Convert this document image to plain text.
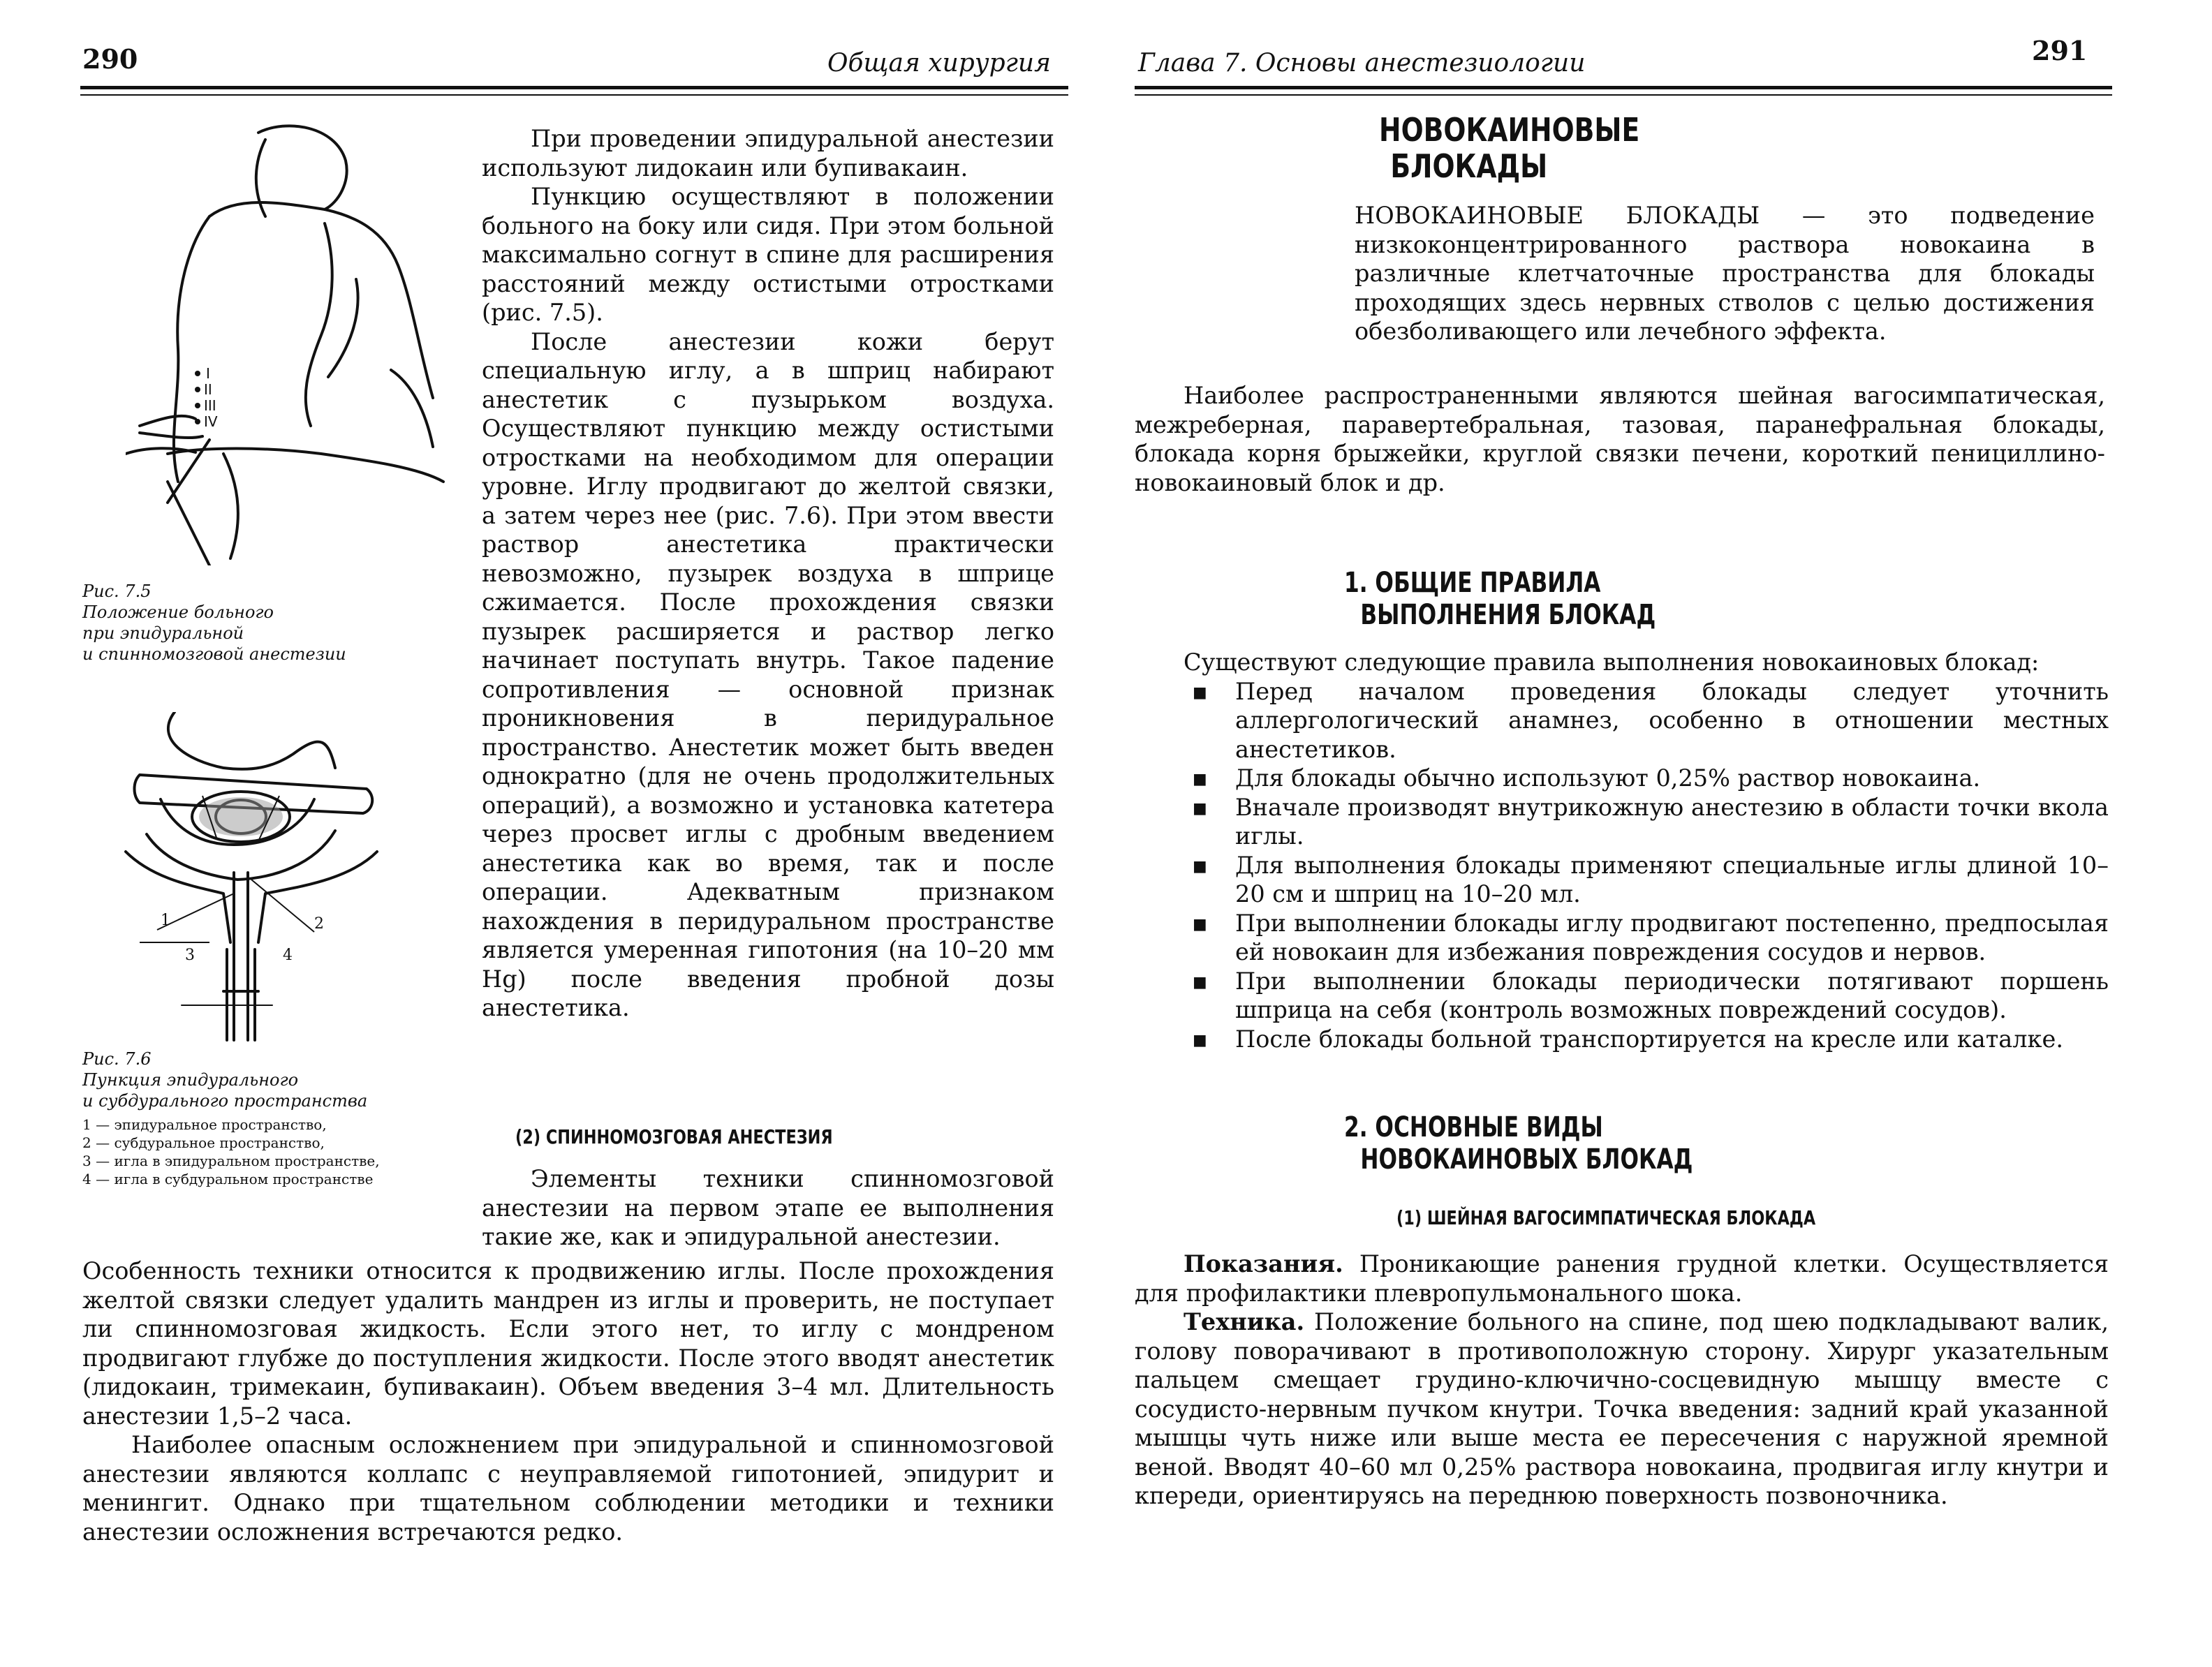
290	Общая хирургия
I
II
III
IV
Рис. 7.5
Положение больного
при эпидуральной
и спинномозговой анестезии
1	2
3	4
Рис. 7.6
Пункция эпидурального
и субдурального пространства
1 — эпидуральное пространство,
2 — субдуральное пространство,
3 — игла в эпидуральном пространстве,
4 — игла в субдуральном пространстве

При проведении эпидуральной анестезии используют лидокаин или бупивакаин.

Пункцию осуществляют в положении больного на боку или сидя. При этом больной максимально согнут в спине для расширения расстояний между остистыми отростками (рис. 7.5).

После анестезии кожи берут специальную иглу, а в шприц набирают анестетик с пузырьком воздуха. Осуществляют пункцию между остистыми отростками на необходимом для операции уровне. Иглу продвигают до желтой связки, а затем через нее (рис. 7.6). При этом ввести раствор анестетика практически невозможно, пузырек воздуха в шприце сжимается. После прохождения связки пузырек расширяется и раствор легко начинает поступать внутрь. Такое падение сопротивления — основной признак проникновения в перидуральное пространство. Анестетик может быть введен однократно (для не очень продолжительных операций), а возможно и установка катетера через просвет иглы с дробным введением анестетика как во время, так и после операции. Адекватным признаком нахождения в перидуральном пространстве является умеренная гипотония (на 10–20 мм Hg) после введения пробной дозы анестетика.

(2) СПИННОМОЗГОВАЯ АНЕСТЕЗИЯ

Элементы техники спинномозговой анестезии на первом этапе ее выполнения такие же, как и эпидуральной анестезии.

Особенность техники относится к продвижению иглы. После прохождения желтой связки следует удалить мандрен из иглы и проверить, не поступает ли спинномозговая жидкость. Если этого нет, то иглу с мондреном продвигают глубже до поступления жидкости. После этого вводят анестетик (лидокаин, тримекаин, бупивакаин). Объем введения 3–4 мл. Длительность анестезии 1,5–2 часа.

Наиболее опасным осложнением при эпидуральной и спинномозговой анестезии являются коллапс с неуправляемой гипотонией, эпидурит и менингит. Однако при тщательном соблюдении методики и техники анестезии осложнения встречаются редко.

Глава 7. Основы анестезиологии	291
НОВОКАИНОВЫЕ
БЛОКАДЫ

НОВОКАИНОВЫЕ БЛОКАДЫ — это подведение низкоконцентрированного раствора новокаина в различные клетчаточные пространства для блокады проходящих здесь нервных стволов с целью достижения обезболивающего или лечебного эффекта.

Наиболее распространенными являются шейная вагосимпатическая, межреберная, паравертебральная, тазовая, паранефральная блокады, блокада корня брыжейки, круглой связки печени, короткий пенициллино-новокаиновый блок и др.

1. ОБЩИЕ ПРАВИЛА
ВЫПОЛНЕНИЯ БЛОКАД

Существуют следующие правила выполнения новокаиновых блокад:

▪ Перед началом проведения блокады следует уточнить аллергологический анамнез, особенно в отношении местных анестетиков.
▪ Для блокады обычно используют 0,25% раствор новокаина.
▪ Вначале производят внутрикожную анестезию в области точки вкола иглы.
▪ Для выполнения блокады применяют специальные иглы длиной 10–20 см и шприц на 10–20 мл.
▪ При выполнении блокады иглу продвигают постепенно, предпосылая ей новокаин для избежания повреждения сосудов и нервов.
▪ При выполнении блокады периодически потягивают поршень шприца на себя (контроль возможных повреждений сосудов).
▪ После блокады больной транспортируется на кресле или каталке.
2. ОСНОВНЫЕ ВИДЫ
НОВОКАИНОВЫХ БЛОКАД
(1) ШЕЙНАЯ ВАГОСИМПАТИЧЕСКАЯ БЛОКАДА

Показания. Проникающие ранения грудной клетки. Осуществляется для профилактики плевропульмонального шока.

Техника. Положение больного на спине, под шею подкладывают валик, голову поворачивают в противоположную сторону. Хирург указательным пальцем смещает грудино-ключично-сосцевидную мышцу вместе с сосудисто-нервным пучком кнутри. Точка введения: задний край указанной мышцы чуть ниже или выше места ее пересечения с наружной яремной веной. Вводят 40–60 мл 0,25% раствора новокаина, продвигая иглу кнутри и кпереди, ориентируясь на переднюю поверхность позвоночника.
